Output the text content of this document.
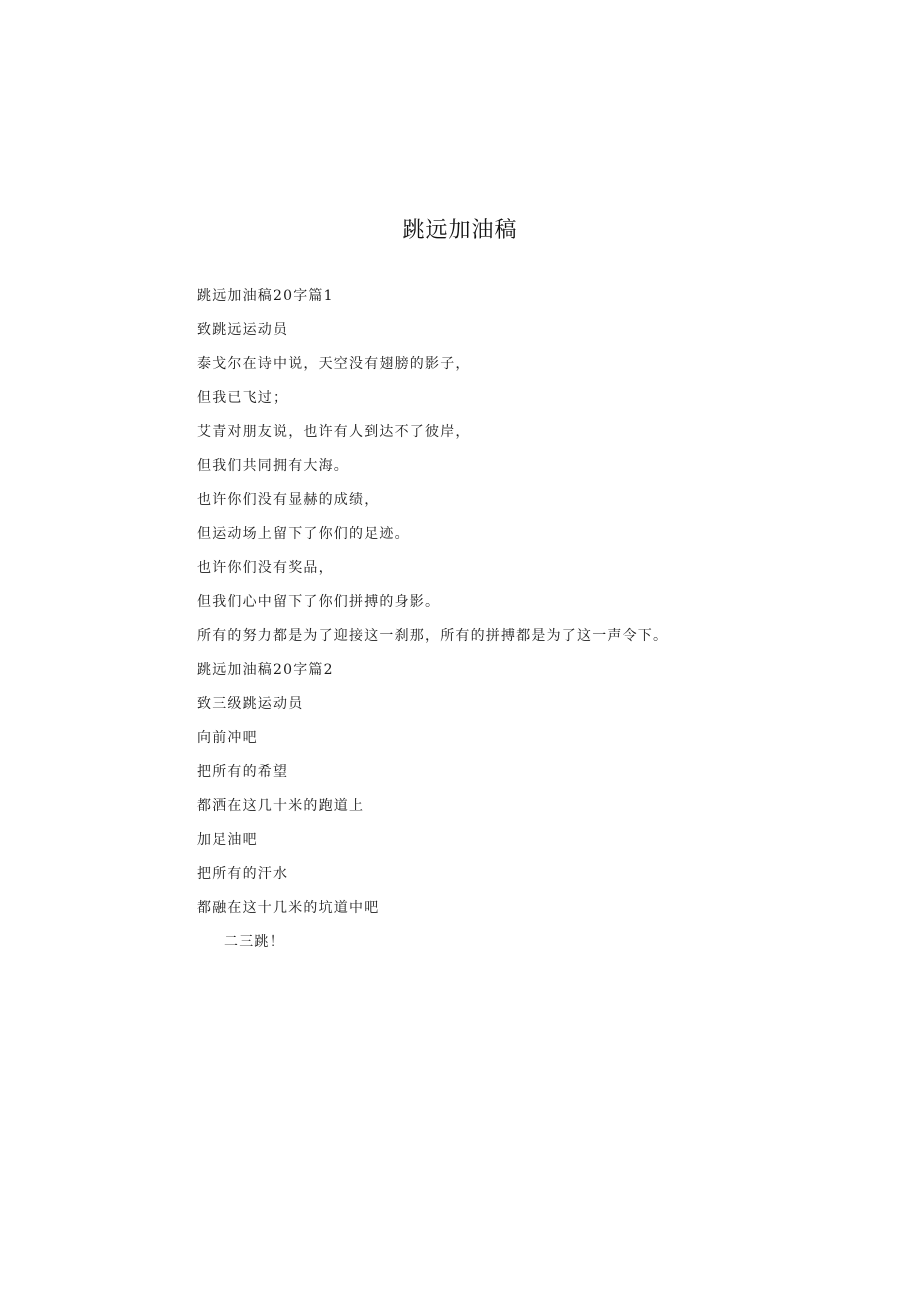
跳远加油稿

跳远加油稿20字篇1

致跳远运动员

泰戈尔在诗中说，天空没有翅膀的影子，

但我已飞过；

艾青对朋友说，也许有人到达不了彼岸，

但我们共同拥有大海。

也许你们没有显赫的成绩，

但运动场上留下了你们的足迹。

也许你们没有奖品，

但我们心中留下了你们拼搏的身影。

所有的努力都是为了迎接这一刹那，所有的拼搏都是为了这一声令下。

跳远加油稿20字篇2

致三级跳运动员

向前冲吧

把所有的希望

都洒在这几十米的跑道上

加足油吧

把所有的汗水

都融在这十几米的坑道中吧

二三跳！
